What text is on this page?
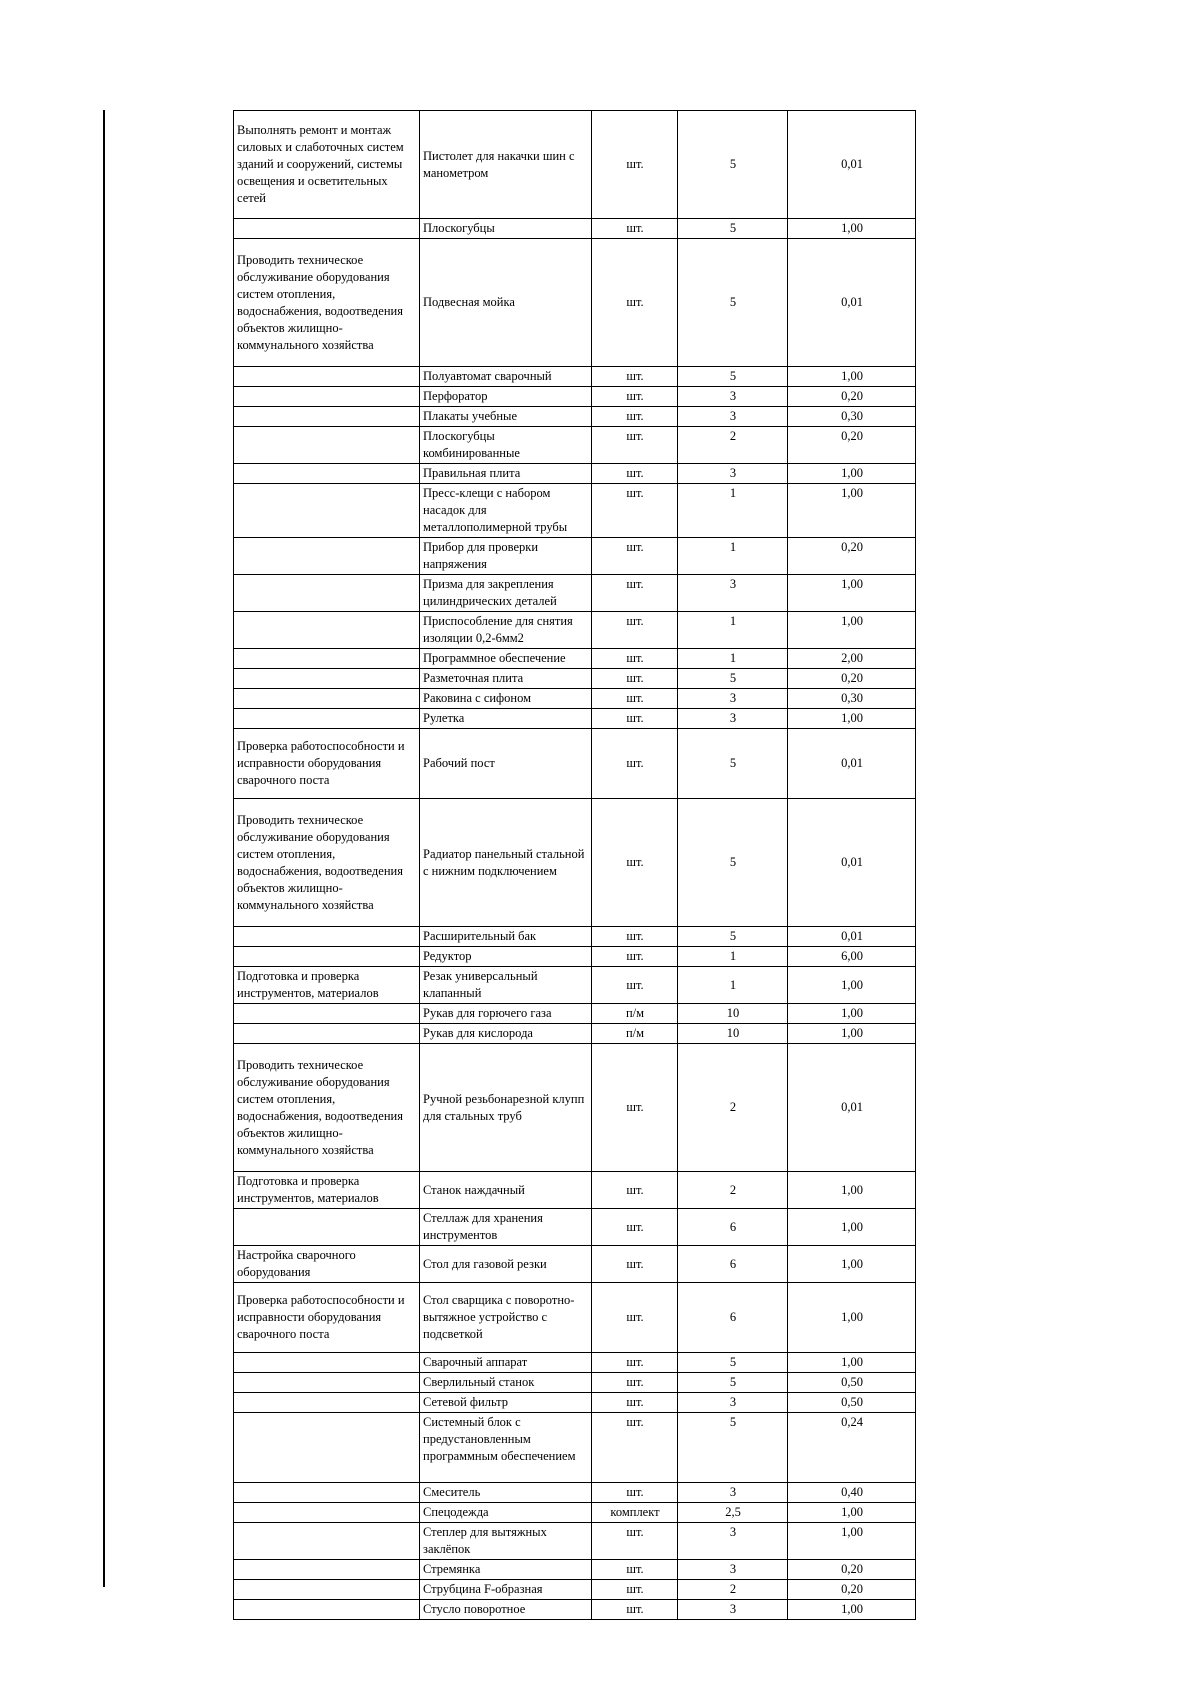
Выполнять ремонт и монтаж силовых и слаботочных систем зданий и сооружений, системы освещения и осветительных сетей	Пистолет для накачки шин с манометром	шт.	5	0,01
	Плоскогубцы	шт.	5	1,00
Проводить техническое обслуживание оборудования систем отопления, водоснабжения, водоотведения объектов жилищно-коммунального хозяйства	Подвесная мойка	шт.	5	0,01
	Полуавтомат сварочный	шт.	5	1,00
	Перфоратор	шт.	3	0,20
	Плакаты учебные	шт.	3	0,30
	Плоскогубцы комбинированные	шт.	2	0,20
	Правильная плита	шт.	3	1,00
	Пресс-клещи с набором насадок для металлополимерной трубы	шт.	1	1,00
	Прибор для проверки напряжения	шт.	1	0,20
	Призма для закрепления цилиндрических деталей	шт.	3	1,00
	Приспособление для снятия изоляции 0,2-6мм2	шт.	1	1,00
	Программное обеспечение	шт.	1	2,00
	Разметочная плита	шт.	5	0,20
	Раковина с сифоном	шт.	3	0,30
	Рулетка	шт.	3	1,00
Проверка работоспособности и исправности оборудования сварочного поста	Рабочий пост	шт.	5	0,01
Проводить техническое обслуживание оборудования систем отопления, водоснабжения, водоотведения объектов жилищно-коммунального хозяйства	Радиатор панельный стальной с нижним подключением	шт.	5	0,01
	Расширительный бак	шт.	5	0,01
	Редуктор	шт.	1	6,00
Подготовка и проверка инструментов, материалов	Резак универсальный клапанный	шт.	1	1,00
	Рукав для горючего газа	п/м	10	1,00
	Рукав для кислорода	п/м	10	1,00
Проводить техническое обслуживание оборудования систем отопления, водоснабжения, водоотведения объектов жилищно-коммунального хозяйства	Ручной резьбонарезной клупп для стальных труб	шт.	2	0,01
Подготовка и проверка инструментов, материалов	Станок наждачный	шт.	2	1,00
	Стеллаж для хранения инструментов	шт.	6	1,00
Настройка сварочного оборудования	Стол для газовой резки	шт.	6	1,00
Проверка работоспособности и исправности оборудования сварочного поста	Стол сварщика с поворотно-вытяжное устройство с подсветкой	шт.	6	1,00
	Сварочный аппарат	шт.	5	1,00
	Сверлильный станок	шт.	5	0,50
	Сетевой фильтр	шт.	3	0,50
	Системный блок с предустановленным программным обеспечением	шт.	5	0,24
	Смеситель	шт.	3	0,40
	Спецодежда	комплект	2,5	1,00
	Степлер для вытяжных заклёпок	шт.	3	1,00
	Стремянка	шт.	3	0,20
	Струбцина F-образная	шт.	2	0,20
	Стусло поворотное	шт.	3	1,00
